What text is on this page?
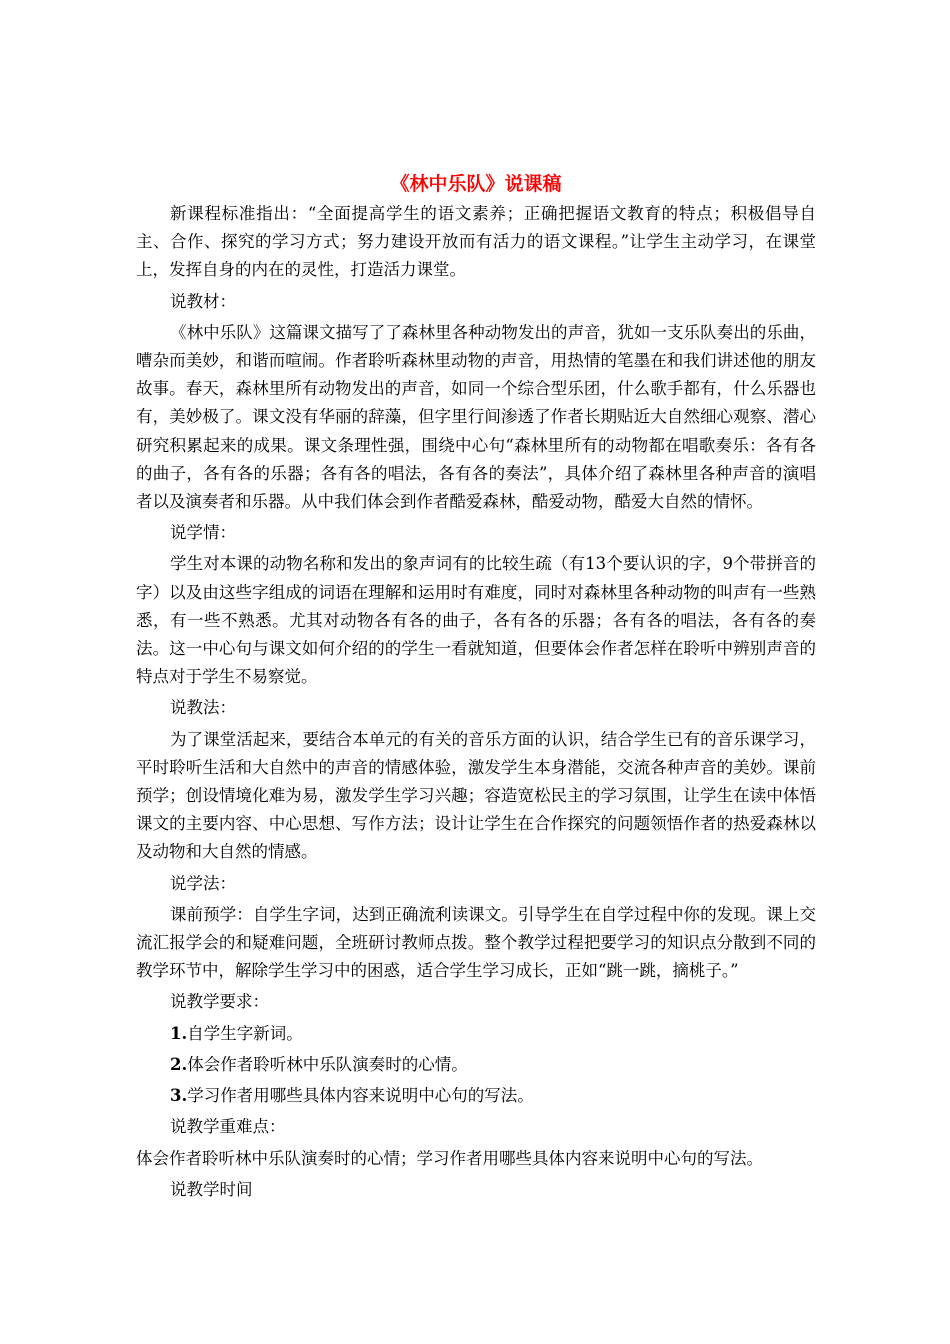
《林中乐队》说课稿

新课程标准指出：“全面提高学生的语文素养；正确把握语文教育的特点；积极倡导自主、合作、探究的学习方式；努力建设开放而有活力的语文课程。”让学生主动学习，在课堂上，发挥自身的内在的灵性，打造活力课堂。

说教材：

《林中乐队》这篇课文描写了了森林里各种动物发出的声音，犹如一支乐队奏出的乐曲，嘈杂而美妙，和谐而喧闹。作者聆听森林里动物的声音，用热情的笔墨在和我们讲述他的朋友故事。春天，森林里所有动物发出的声音，如同一个综合型乐团，什么歌手都有，什么乐器也有，美妙极了。课文没有华丽的辞藻，但字里行间渗透了作者长期贴近大自然细心观察、潜心研究积累起来的成果。课文条理性强，围绕中心句“森林里所有的动物都在唱歌奏乐：各有各的曲子，各有各的乐器；各有各的唱法，各有各的奏法”，具体介绍了森林里各种声音的演唱者以及演奏者和乐器。从中我们体会到作者酷爱森林，酷爱动物，酷爱大自然的情怀。

说学情：

学生对本课的动物名称和发出的象声词有的比较生疏（有13个要认识的字，9个带拼音的字）以及由这些字组成的词语在理解和运用时有难度，同时对森林里各种动物的叫声有一些熟悉，有一些不熟悉。尤其对动物各有各的曲子，各有各的乐器；各有各的唱法，各有各的奏法。这一中心句与课文如何介绍的的学生一看就知道，但要体会作者怎样在聆听中辨别声音的特点对于学生不易察觉。

说教法：

为了课堂活起来，要结合本单元的有关的音乐方面的认识，结合学生已有的音乐课学习，平时聆听生活和大自然中的声音的情感体验，激发学生本身潜能，交流各种声音的美妙。课前预学；创设情境化难为易，激发学生学习兴趣；容造宽松民主的学习氛围，让学生在读中体悟课文的主要内容、中心思想、写作方法；设计让学生在合作探究的问题领悟作者的热爱森林以及动物和大自然的情感。

说学法：

课前预学：自学生字词，达到正确流利读课文。引导学生在自学过程中你的发现。课上交流汇报学会的和疑难问题，全班研讨教师点拨。整个教学过程把要学习的知识点分散到不同的教学环节中，解除学生学习中的困惑，适合学生学习成长，正如“跳一跳，摘桃子。”

说教学要求：

1.自学生字新词。

2.体会作者聆听林中乐队演奏时的心情。

3.学习作者用哪些具体内容来说明中心句的写法。

说教学重难点：

体会作者聆听林中乐队演奏时的心情；学习作者用哪些具体内容来说明中心句的写法。

说教学时间
